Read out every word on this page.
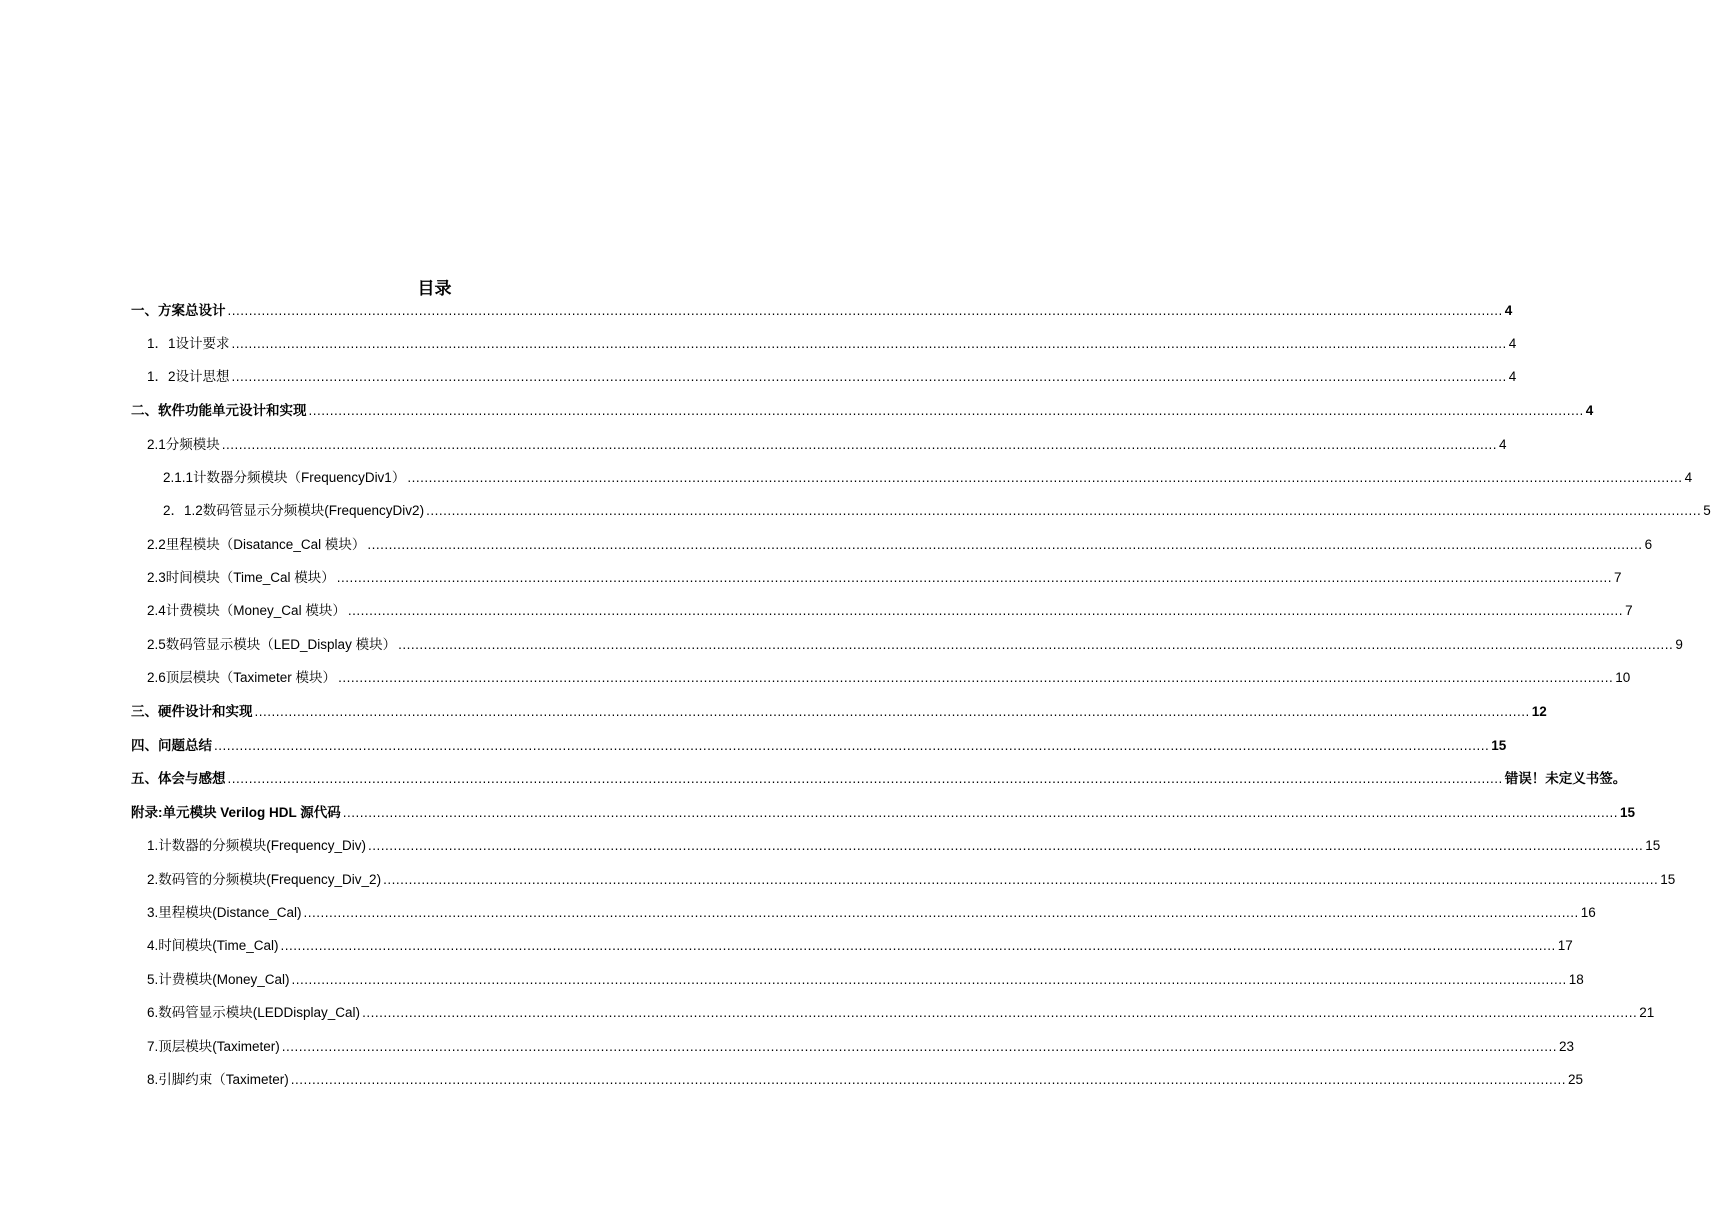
目录
一、 方案总设计 ............................................................................................................................................................................................................................................................................................................ 4
1．1 设计要求 ............................................................................................................................................................................................................................................................................................................ 4
1．2 设计思想 ............................................................................................................................................................................................................................................................................................................ 4
二、 软件功能单元设计和实现 ............................................................................................................................................................................................................................................................................................................ 4
2.1 分频模块 ............................................................................................................................................................................................................................................................................................................ 4
2.1.1 计数器分频模块（FrequencyDiv1） ............................................................................................................................................................................................................................................................................................................ 4
2．1.2 数码管显示分频模块(FrequencyDiv2) ............................................................................................................................................................................................................................................................................................................ 5
2.2 里程模块（Disatance_Cal 模块） ............................................................................................................................................................................................................................................................................................................ 6
2.3 时间模块（Time_Cal 模块） ............................................................................................................................................................................................................................................................................................................ 7
2.4 计费模块（Money_Cal 模块） ............................................................................................................................................................................................................................................................................................................ 7
2.5 数码管显示模块（LED_Display 模块） ............................................................................................................................................................................................................................................................................................................ 9
2.6 顶层模块（Taximeter 模块） ............................................................................................................................................................................................................................................................................................................ 10
三、 硬件设计和实现 ............................................................................................................................................................................................................................................................................................................ 12
四、 问题总结 ............................................................................................................................................................................................................................................................................................................ 15
五、 体会与感想 ............................................................................................................................................................................................................................................................................................................ 错误！未定义书签。
附录: 单元模块 Verilog HDL 源代码 ............................................................................................................................................................................................................................................................................................................ 15
1. 计数器的分频模块(Frequency_Div) ............................................................................................................................................................................................................................................................................................................ 15
2. 数码管的分频模块(Frequency_Div_2) ............................................................................................................................................................................................................................................................................................................ 15
3. 里程模块(Distance_Cal) ............................................................................................................................................................................................................................................................................................................ 16
4. 时间模块(Time_Cal) ............................................................................................................................................................................................................................................................................................................ 17
5. 计费模块(Money_Cal) ............................................................................................................................................................................................................................................................................................................ 18
6. 数码管显示模块(LEDDisplay_Cal) ............................................................................................................................................................................................................................................................................................................ 21
7. 顶层模块(Taximeter) ............................................................................................................................................................................................................................................................................................................ 23
8. 引脚约束（Taximeter) ............................................................................................................................................................................................................................................................................................................ 25
